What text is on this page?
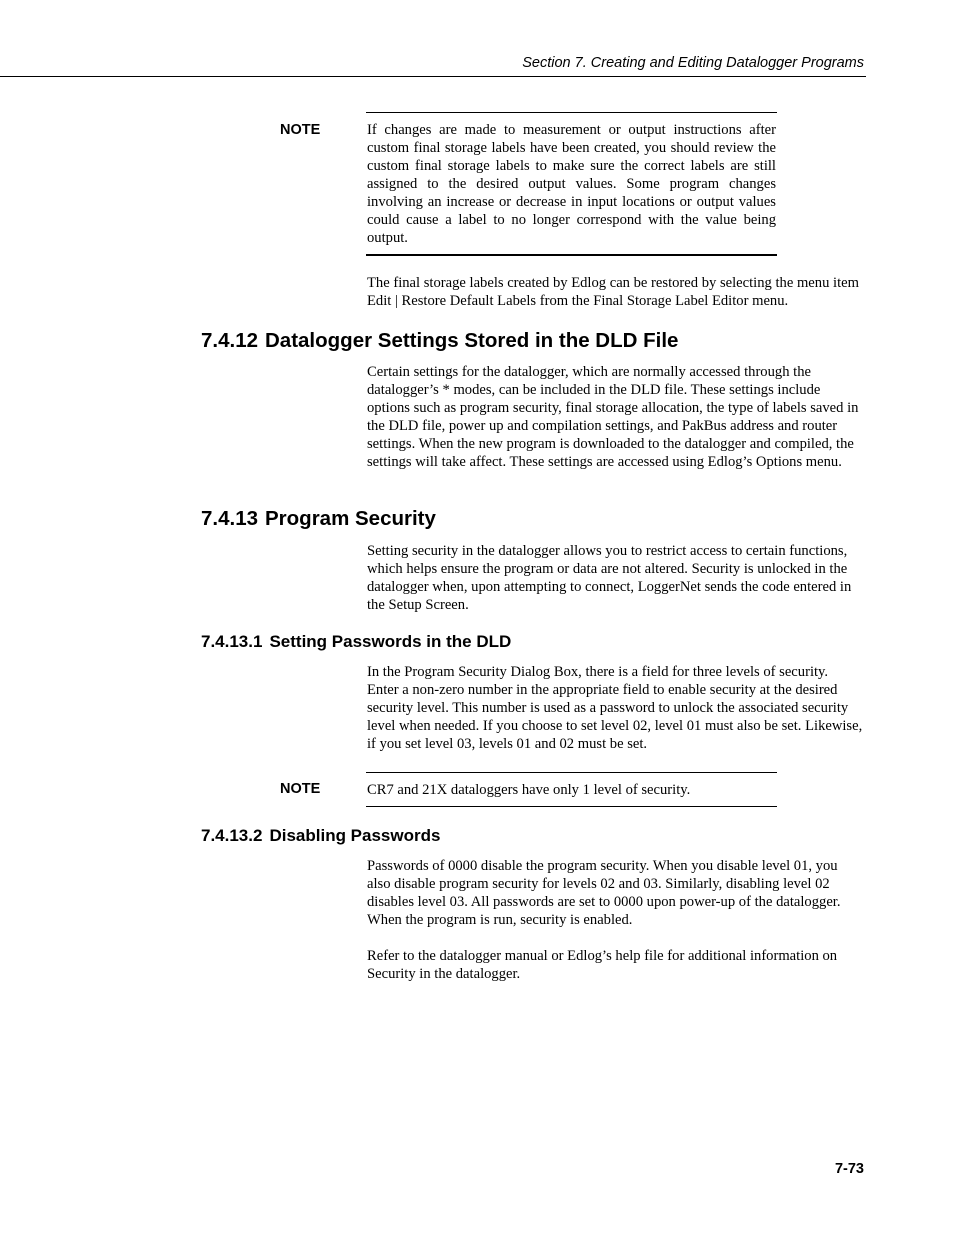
Section 7. Creating and Editing Datalogger Programs
NOTE	If changes are made to measurement or output instructions after custom final storage labels have been created, you should review the custom final storage labels to make sure the correct labels are still assigned to the desired output values. Some program changes involving an increase or decrease in input locations or output values could cause a label to no longer correspond with the value being output.

The final storage labels created by Edlog can be restored by selecting the menu item Edit | Restore Default Labels from the Final Storage Label Editor menu.

7.4.12 Datalogger Settings Stored in the DLD File

Certain settings for the datalogger, which are normally accessed through the datalogger’s * modes, can be included in the DLD file. These settings include options such as program security, final storage allocation, the type of labels saved in the DLD file, power up and compilation settings, and PakBus address and router settings. When the new program is downloaded to the datalogger and compiled, the settings will take affect. These settings are accessed using Edlog’s Options menu.

7.4.13 Program Security

Setting security in the datalogger allows you to restrict access to certain functions, which helps ensure the program or data are not altered. Security is unlocked in the datalogger when, upon attempting to connect, LoggerNet sends the code entered in the Setup Screen.

7.4.13.1 Setting Passwords in the DLD

In the Program Security Dialog Box, there is a field for three levels of security. Enter a non-zero number in the appropriate field to enable security at the desired security level. This number is used as a password to unlock the associated security level when needed. If you choose to set level 02, level 01 must also be set. Likewise, if you set level 03, levels 01 and 02 must be set.

NOTE	CR7 and 21X dataloggers have only 1 level of security.

7.4.13.2 Disabling Passwords

Passwords of 0000 disable the program security. When you disable level 01, you also disable program security for levels 02 and 03. Similarly, disabling level 02 disables level 03. All passwords are set to 0000 upon power-up of the datalogger. When the program is run, security is enabled.

Refer to the datalogger manual or Edlog’s help file for additional information on Security in the datalogger.

7-73
